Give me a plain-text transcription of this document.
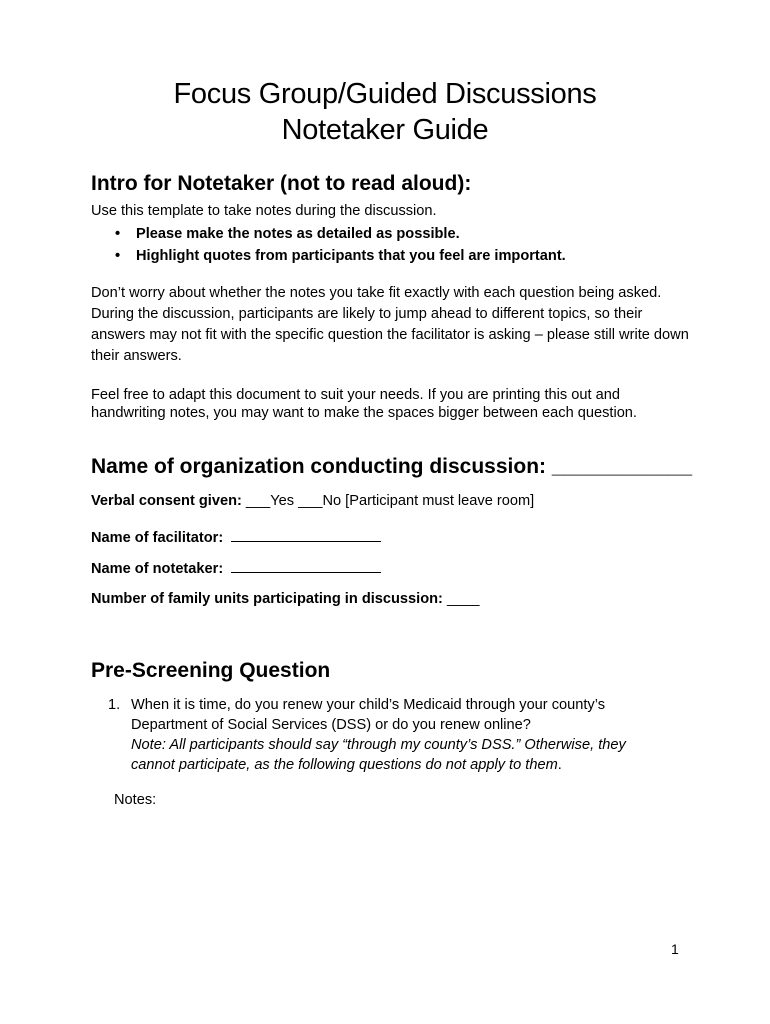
Focus Group/Guided Discussions
Notetaker Guide
Intro for Notetaker (not to read aloud):

Use this template to take notes during the discussion.

• Please make the notes as detailed as possible.
• Highlight quotes from participants that you feel are important.

Don’t worry about whether the notes you take fit exactly with each question being asked. During the discussion, participants are likely to jump ahead to different topics, so their answers may not fit with the specific question the facilitator is asking – please still write down their answers.

Feel free to adapt this document to suit your needs. If you are printing this out and handwriting notes, you may want to make the spaces bigger between each question.

Name of organization conducting discussion: ____________
Verbal consent given: ___Yes ___No [Participant must leave room]
Name of facilitator:
Name of notetaker:
Number of family units participating in discussion: ____
Pre-Screening Question
1. When it is time, do you renew your child’s Medicaid through your county’s Department of Social Services (DSS) or do you renew online?
Note: All participants should say “through my county’s DSS.” Otherwise, they cannot participate, as the following questions do not apply to them.
Notes:
1
